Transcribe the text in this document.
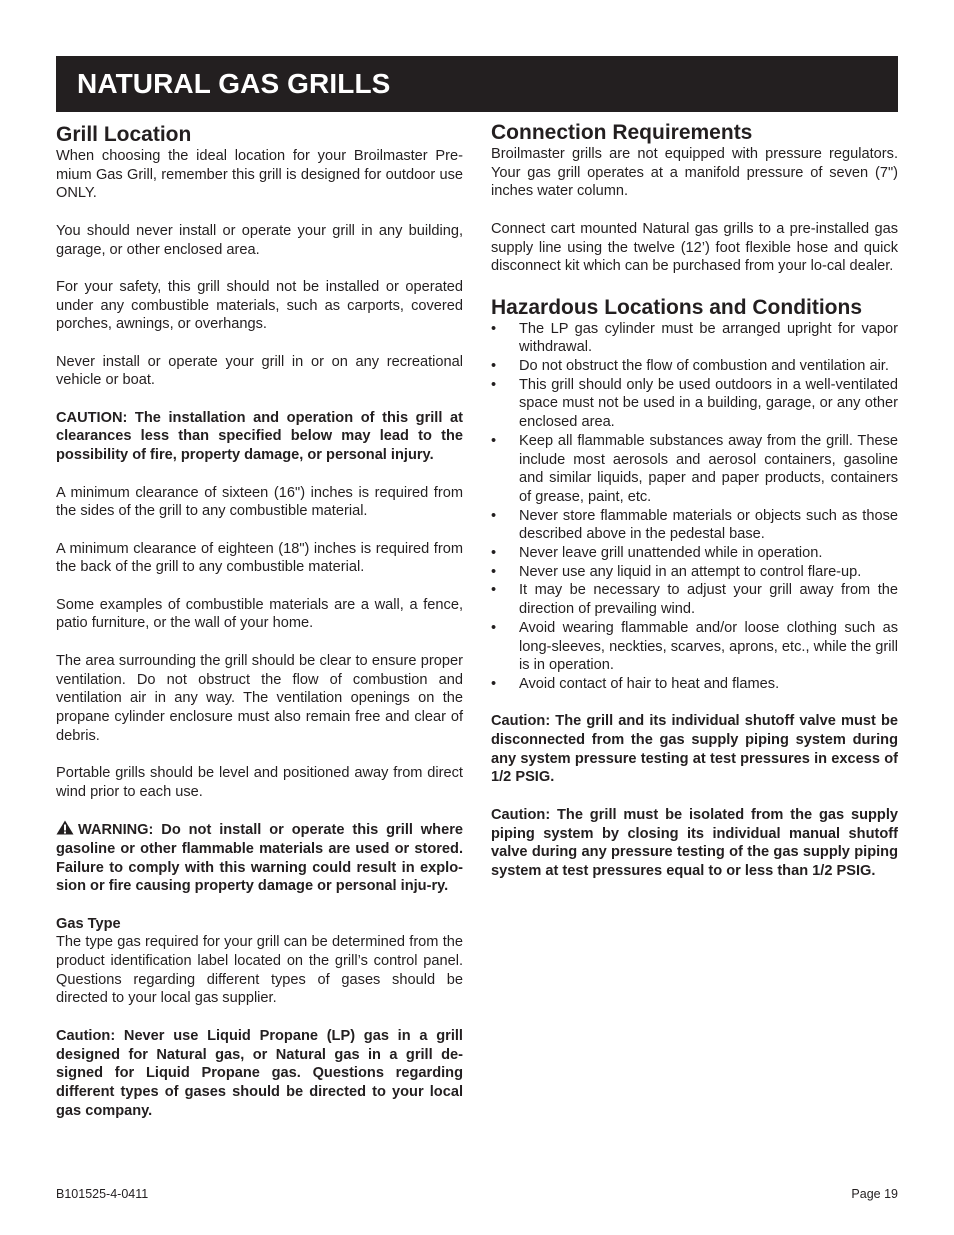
NATURAL GAS GRILLS
Grill Location

When choosing the ideal location for your Broilmaster Pre-mium Gas Grill, remember this grill is designed for outdoor use ONLY.

You should never install or operate your grill in any building, garage, or other enclosed area.

For your safety, this grill should not be installed or operated under any combustible materials, such as carports, covered porches, awnings, or overhangs.

Never install or operate your grill in or on any recreational vehicle or boat.

CAUTION: The installation and operation of this grill at clearances less than specified below may lead to the possibility of fire, property damage, or personal injury.

A minimum clearance of sixteen (16") inches is required from the sides of the grill to any combustible material.

A minimum clearance of eighteen (18") inches is required from the back of the grill to any combustible material.

Some examples of combustible materials are a wall, a fence, patio furniture, or the wall of your home.

The area surrounding the grill should be clear to ensure proper ventilation. Do not obstruct the flow of combustion and ventilation air in any way. The ventilation openings on the propane cylinder enclosure must also remain free and clear of debris.

Portable grills should be level and positioned away from direct wind prior to each use.

WARNING: Do not install or operate this grill where gasoline or other flammable materials are used or stored. Failure to comply with this warning could result in explo-sion or fire causing property damage or personal inju-ry.

Gas Type

The type gas required for your grill can be determined from the product identification label located on the grill’s control panel. Questions regarding different types of gases should be directed to your local gas supplier.

Caution: Never use Liquid Propane (LP) gas in a grill designed for Natural gas, or Natural gas in a grill de-signed for Liquid Propane gas. Questions regarding different types of gases should be directed to your local gas company.

Connection Requirements

Broilmaster grills are not equipped with pressure regulators. Your gas grill operates at a manifold pressure of seven (7") inches water column.

Connect cart mounted Natural gas grills to a pre-installed gas supply line using the twelve (12’) foot flexible hose and quick disconnect kit which can be purchased from your lo-cal dealer.

Hazardous Locations and Conditions
• The LP gas cylinder must be arranged upright for vapor withdrawal.
• Do not obstruct the flow of combustion and ventilation air.
• This grill should only be used outdoors in a well-ventilated space must not be used in a building, garage, or any other enclosed area.
• Keep all flammable substances away from the grill. These include most aerosols and aerosol containers, gasoline and similar liquids, paper and paper products, containers of grease, paint, etc.
• Never store flammable materials or objects such as those described above in the pedestal base.
• Never leave grill unattended while in operation.
• Never use any liquid in an attempt to control flare-up.
• It may be necessary to adjust your grill away from the direction of prevailing wind.
• Avoid wearing flammable and/or loose clothing such as long-sleeves, neckties, scarves, aprons, etc., while the grill is in operation.
• Avoid contact of hair to heat and flames.

Caution: The grill and its individual shutoff valve must be disconnected from the gas supply piping system during any system pressure testing at test pressures in excess of 1/2 PSIG.

Caution: The grill must be isolated from the gas supply piping system by closing its individual manual shutoff valve during any pressure testing of the gas supply piping system at test pressures equal to or less than 1/2 PSIG.

B101525-4-0411	Page 19
